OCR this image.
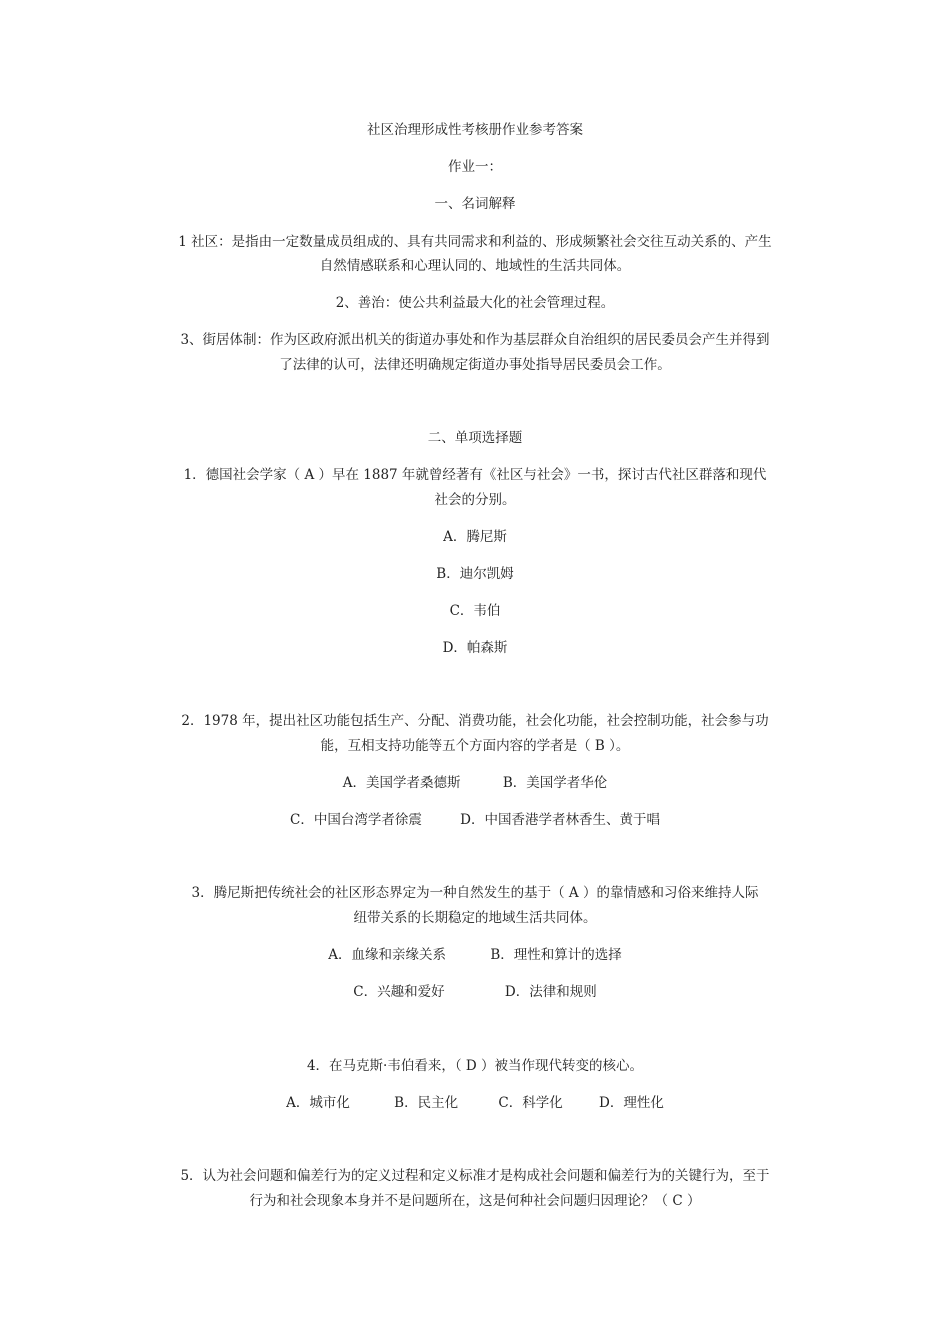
社区治理形成性考核册作业参考答案
作业一：
一、名词解释
1 社区：是指由一定数量成员组成的、具有共同需求和利益的、形成频繁社会交往互动关系的、产生
自然情感联系和心理认同的、地域性的生活共同体。
2、善治：使公共利益最大化的社会管理过程。
3、街居体制：作为区政府派出机关的街道办事处和作为基层群众自治组织的居民委员会产生并得到
了法律的认可，法律还明确规定街道办事处指导居民委员会工作。
二、单项选择题
1．德国社会学家（ A ）早在 1887 年就曾经著有《社区与社会》一书，探讨古代社区群落和现代
社会的分别。
A．腾尼斯
B．迪尔凯姆
C．韦伯
D．帕森斯
2．1978 年，提出社区功能包括生产、分配、消费功能，社会化功能，社会控制功能，社会参与功
能，互相支持功能等五个方面内容的学者是（ B ）。
A．美国学者桑德斯	B．美国学者华伦
C．中国台湾学者徐震	D．中国香港学者林香生、黄于唱
3．腾尼斯把传统社会的社区形态界定为一种自然发生的基于（ A ）的靠情感和习俗来维持人际
纽带关系的长期稳定的地域生活共同体。
A．血缘和亲缘关系	B．理性和算计的选择
C．兴趣和爱好	D．法律和规则
4．在马克斯·韦伯看来，（ D ）被当作现代转变的核心。
A．城市化	B．民主化	C．科学化	D．理性化
5．认为社会问题和偏差行为的定义过程和定义标准才是构成社会问题和偏差行为的关键行为，至于
行为和社会现象本身并不是问题所在，这是何种社会问题归因理论？（ C ）
